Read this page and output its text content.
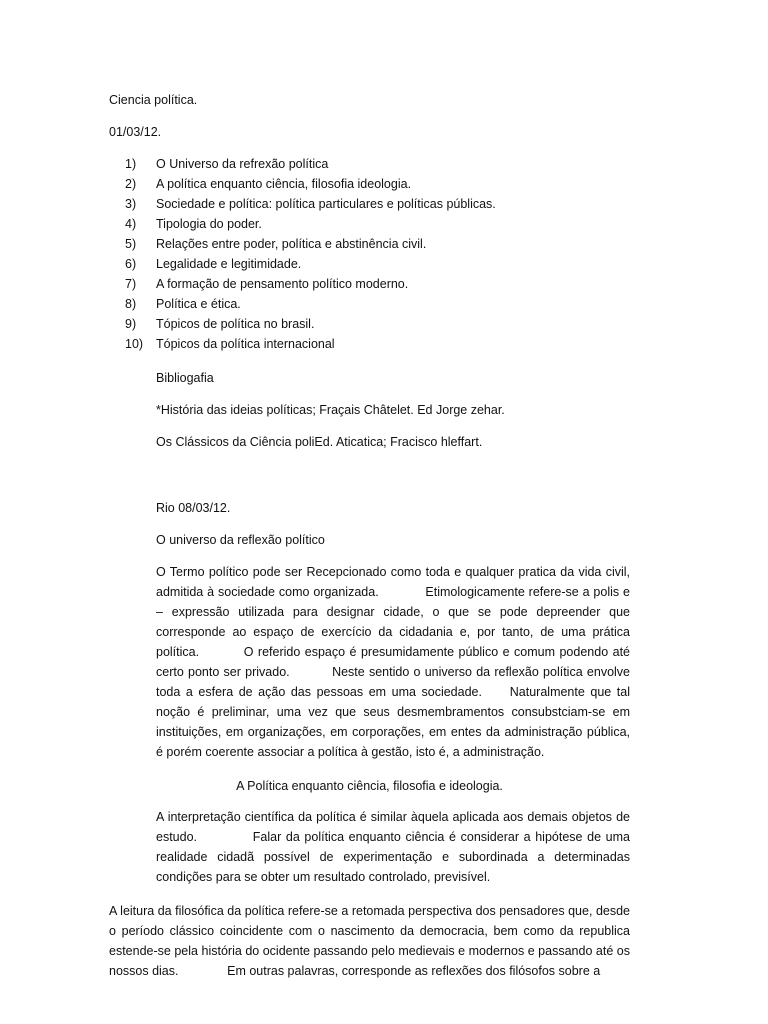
Ciencia política.
01/03/12.
1) O Universo da refrexão política
2) A política enquanto ciência, filosofia ideologia.
3) Sociedade e política: política particulares e políticas públicas.
4) Tipologia do poder.
5) Relações entre poder, política e abstinência civil.
6) Legalidade e legitimidade.
7) A formação de pensamento político moderno.
8) Política e ética.
9) Tópicos de política no brasil.
10) Tópicos da política internacional
Bibliogafia
*História das ideias políticas; Fraçais Châtelet. Ed Jorge zehar.
Os Clássicos da Ciência poliEd. Aticatica; Fracisco hleffart.
Rio 08/03/12.
O universo da reflexão político
O Termo político pode ser Recepcionado como toda e qualquer pratica da vida civil, admitida à sociedade como organizada.            Etimologicamente refere-se a polis e – expressão utilizada para designar cidade, o que se pode depreender que corresponde ao espaço de exercício da cidadania e, por tanto, de uma prática política.          O referido espaço é presumidamente público e comum podendo até certo ponto ser privado.          Neste sentido o universo da reflexão política envolve toda a esfera de ação das pessoas em uma sociedade.     Naturalmente que tal noção é preliminar, uma vez que seus desmembramentos consubstciam-se em instituições, em organizações, em corporações, em entes da administração pública, é porém coerente associar a política à gestão, isto é, a administração.
A Política enquanto ciência, filosofia e ideologia.
A interpretação científica da política é similar àquela aplicada aos demais objetos de estudo.            Falar da política enquanto ciência é considerar a hipótese de uma realidade cidadã possível de experimentação e subordinada a determinadas condições para se obter um resultado controlado, previsível.
A leitura da filosófica da política refere-se a retomada perspectiva dos pensadores que, desde o período clássico coincidente com o nascimento da democracia, bem como da republica estende-se pela história do ocidente passando pelo medievais e modernos e passando até os nossos dias.              Em outras palavras, corresponde as reflexões dos filósofos sobre a
